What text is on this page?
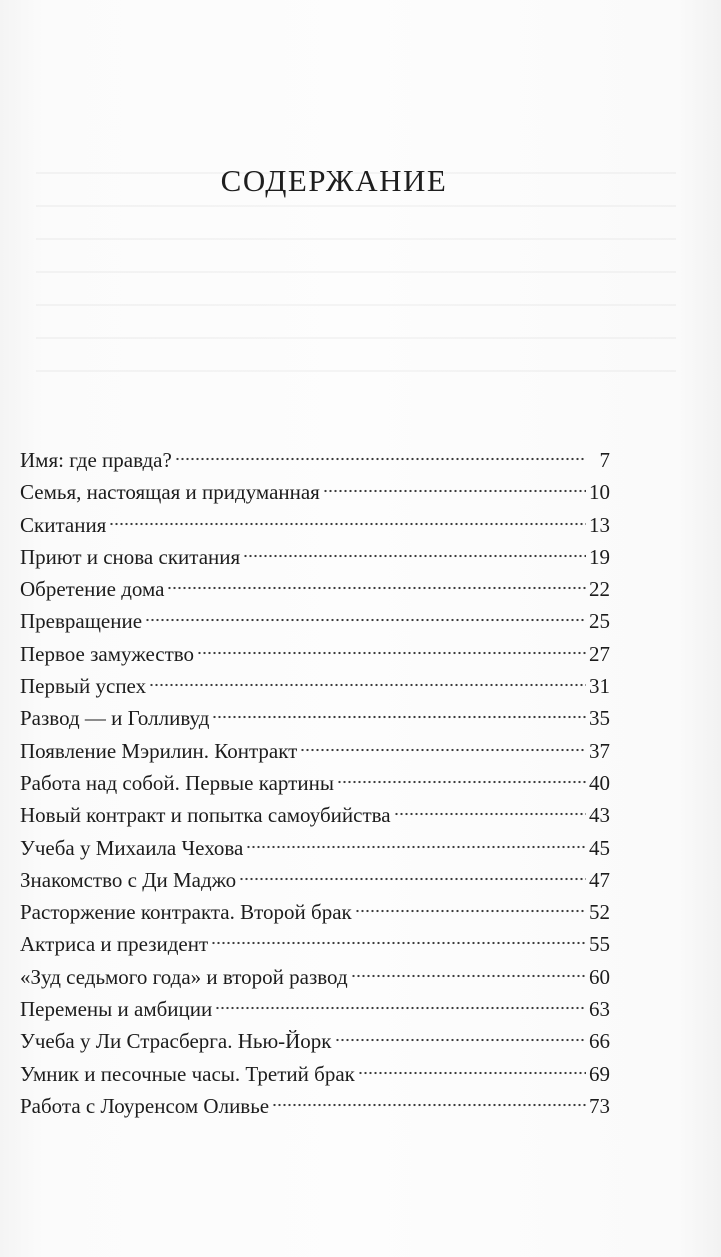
СОДЕРЖАНИЕ
Имя: где правда?	7
Семья, настоящая и придуманная	10
Скитания	13
Приют и снова скитания	19
Обретение дома	22
Превращение	25
Первое замужество	27
Первый успех	31
Развод — и Голливуд	35
Появление Мэрилин. Контракт	37
Работа над собой. Первые картины	40
Новый контракт и попытка самоубийства	43
Учеба у Михаила Чехова	45
Знакомство с Ди Маджо	47
Расторжение контракта. Второй брак	52
Актриса и президент	55
«Зуд седьмого года» и второй развод	60
Перемены и амбиции	63
Учеба у Ли Страсберга. Нью-Йорк	66
Умник и песочные часы. Третий брак	69
Работа с Лоуренсом Оливье	73
